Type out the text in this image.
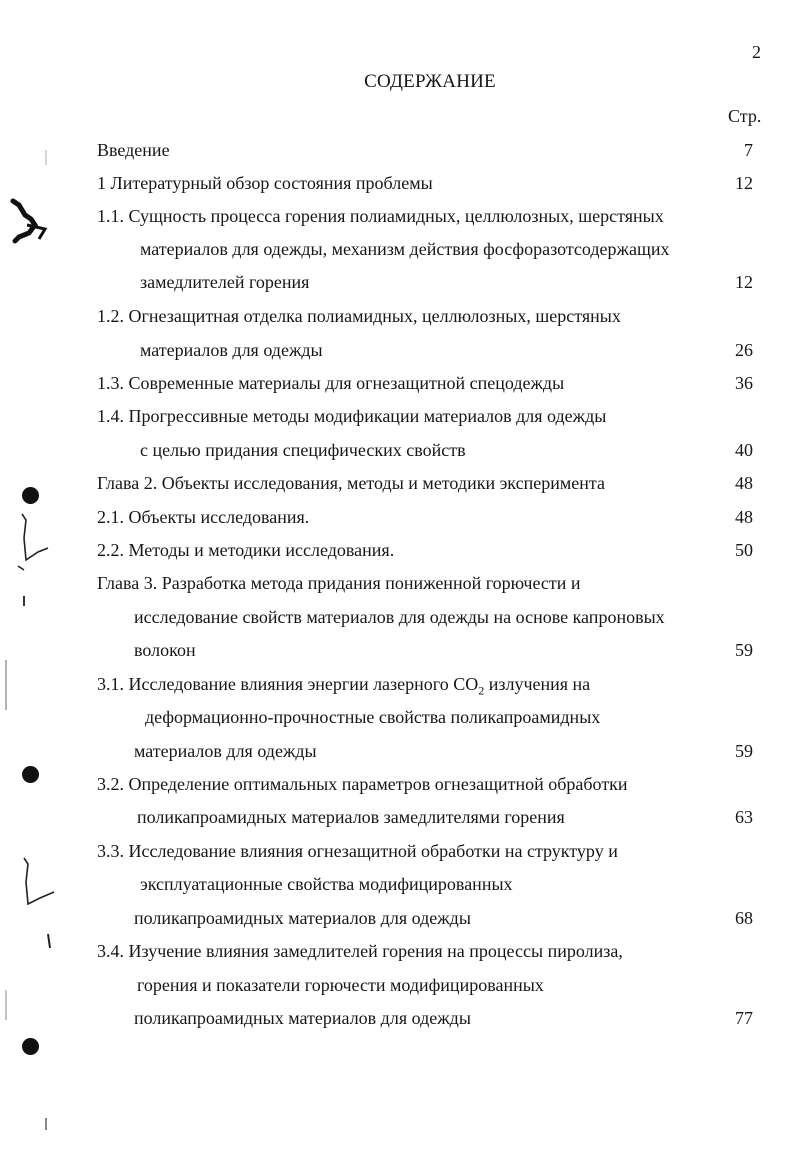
2
СОДЕРЖАНИЕ
Стр.
Введение	7
1 Литературный обзор состояния проблемы	12
1.1. Сущность процесса горения полиамидных, целлюлозных, шерстяных
материалов для одежды, механизм действия фосфоразотсодержащих
замедлителей горения	12
1.2. Огнезащитная отделка полиамидных, целлюлозных, шерстяных
материалов для одежды	26
1.3. Современные материалы для огнезащитной спецодежды	36
1.4. Прогрессивные методы модификации материалов для одежды
с целью придания специфических свойств	40
Глава 2. Объекты исследования, методы и методики эксперимента	48
2.1. Объекты исследования.	48
2.2. Методы и методики исследования.	50
Глава 3. Разработка метода придания пониженной горючести и
исследование свойств материалов для одежды на основе капроновых
волокон	59
3.1. Исследование влияния энергии лазерного $СО_2$ излучения на
деформационно-прочностные свойства поликапроамидных
материалов для одежды	59
3.2. Определение оптимальных параметров огнезащитной обработки
поликапроамидных материалов замедлителями горения	63
3.3. Исследование влияния огнезащитной обработки на структуру и
эксплуатационные свойства модифицированных
поликапроамидных материалов для одежды	68
3.4. Изучение влияния замедлителей горения на процессы пиролиза,
горения и показатели горючести модифицированных
поликапроамидных материалов для одежды	77
